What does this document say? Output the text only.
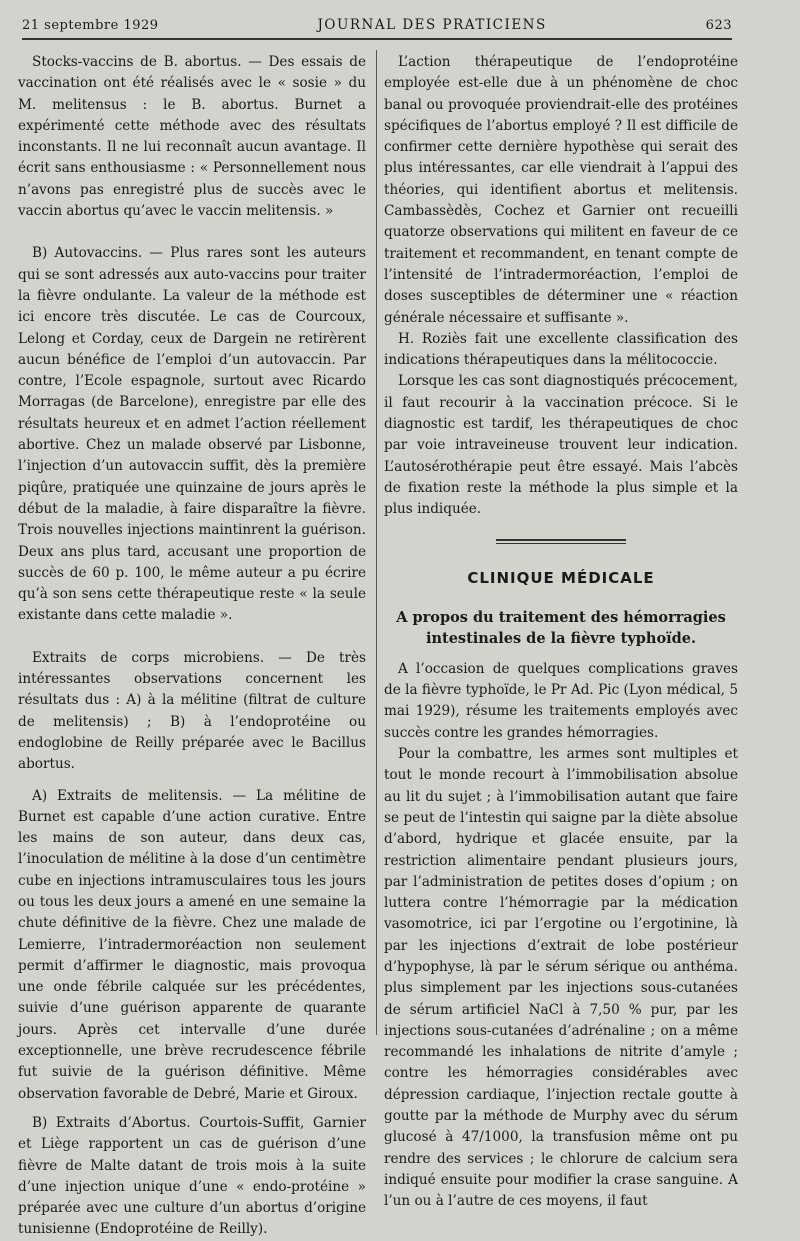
21 septembre 1929	JOURNAL DES PRATICIENS	623

Stocks-vaccins de B. abortus. — Des essais de vaccination ont été réalisés avec le « sosie » du M. melitensus : le B. abortus. Burnet a expérimenté cette méthode avec des résultats inconstants. Il ne lui reconnaît aucun avantage. Il écrit sans enthousiasme : « Personnellement nous n’avons pas enregistré plus de succès avec le vaccin abortus qu’avec le vaccin melitensis. »

B) Autovaccins. — Plus rares sont les auteurs qui se sont adressés aux auto-vaccins pour traiter la fièvre ondulante. La valeur de la méthode est ici encore très discutée. Le cas de Courcoux, Lelong et Corday, ceux de Dargein ne retirèrent aucun bénéfice de l’emploi d’un autovaccin. Par contre, l’Ecole espagnole, surtout avec Ricardo Morragas (de Barcelone), enregistre par elle des résultats heureux et en admet l’action réellement abortive. Chez un malade observé par Lisbonne, l’injection d’un autovaccin suffit, dès la première piqûre, pratiquée une quinzaine de jours après le début de la maladie, à faire disparaître la fièvre. Trois nouvelles injections maintinrent la guérison. Deux ans plus tard, accusant une proportion de succès de 60 p. 100, le même auteur a pu écrire qu’à son sens cette thérapeutique reste « la seule existante dans cette maladie ».

Extraits de corps microbiens. — De très intéressantes observations concernent les résultats dus : A) à la mélitine (filtrat de culture de melitensis) ; B) à l’endoprotéine ou endoglobine de Reilly préparée avec le Bacillus abortus.

A) Extraits de melitensis. — La mélitine de Burnet est capable d’une action curative. Entre les mains de son auteur, dans deux cas, l’inoculation de mélitine à la dose d’un centimètre cube en injections intramusculaires tous les jours ou tous les deux jours a amené en une semaine la chute définitive de la fièvre. Chez une malade de Lemierre, l’intradermoréaction non seulement permit d’affirmer le diagnostic, mais provoqua une onde fébrile calquée sur les précédentes, suivie d’une guérison apparente de quarante jours. Après cet intervalle d’une durée exceptionnelle, une brève recrudescence fébrile fut suivie de la guérison définitive. Même observation favorable de Debré, Marie et Giroux.

B) Extraits d’Abortus. Courtois-Suffit, Garnier et Liège rapportent un cas de guérison d’une fièvre de Malte datant de trois mois à la suite d’une injection unique d’une « endo-protéine » préparée avec une culture d’un abortus d’origine tunisienne (Endoprotéine de Reilly).

L’action thérapeutique de l’endoprotéine employée est-elle due à un phénomène de choc banal ou provoquée proviendrait-elle des protéines spécifiques de l’abortus employé ? Il est difficile de confirmer cette dernière hypothèse qui serait des plus intéressantes, car elle viendrait à l’appui des théories, qui identifient abortus et melitensis. Cambassèdès, Cochez et Garnier ont recueilli quatorze observations qui militent en faveur de ce traitement et recommandent, en tenant compte de l’intensité de l’intradermoréaction, l’emploi de doses susceptibles de déterminer une « réaction générale nécessaire et suffisante ».

H. Roziès fait une excellente classification des indications thérapeutiques dans la mélitococcie.

Lorsque les cas sont diagnostiqués précocement, il faut recourir à la vaccination précoce. Si le diagnostic est tardif, les thérapeutiques de choc par voie intraveineuse trouvent leur indication. L’autosérothérapie peut être essayé. Mais l’abcès de fixation reste la méthode la plus simple et la plus indiquée.

CLINIQUE MÉDICALE
A propos du traitement des hémorragies
intestinales de la fièvre typhoïde.

A l’occasion de quelques complications graves de la fièvre typhoïde, le Pr Ad. Pic (Lyon médical, 5 mai 1929), résume les traitements employés avec succès contre les grandes hémorragies.

Pour la combattre, les armes sont multiples et tout le monde recourt à l’immobilisation absolue au lit du sujet ; à l’immobilisation autant que faire se peut de l’intestin qui saigne par la diète absolue d’abord, hydrique et glacée ensuite, par la restriction alimentaire pendant plusieurs jours, par l’administration de petites doses d’opium ; on luttera contre l’hémorragie par la médication vasomotrice, ici par l’ergotine ou l’ergotinine, là par les injections d’extrait de lobe postérieur d’hypophyse, là par le sérum sérique ou anthéma. plus simplement par les injections sous-cutanées de sérum artificiel NaCl à 7,50 % pur, par les injections sous-cutanées d’adrénaline ; on a même recommandé les inhalations de nitrite d’amyle ; contre les hémorragies considérables avec dépression cardiaque, l’injection rectale goutte à goutte par la méthode de Murphy avec du sérum glucosé à 47/1000, la transfusion même ont pu rendre des services ; le chlorure de calcium sera indiqué ensuite pour modifier la crase sanguine. A l’un ou à l’autre de ces moyens, il faut
